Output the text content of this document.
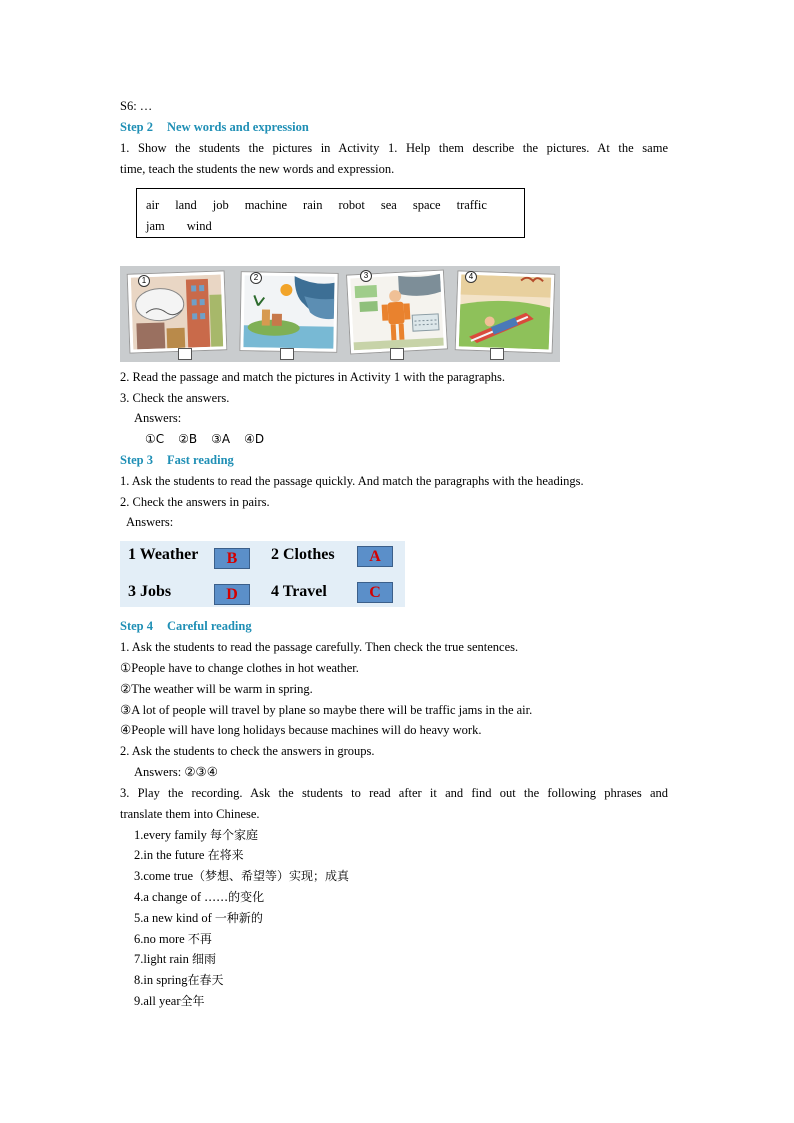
S6: …
Step 2 New words and expression
1. Show the students the pictures in Activity 1. Help them describe the pictures. At the same
time, teach the students the new words and expression.
air land job machine rain robot sea space traffic
jam wind
1	2	3	4
2. Read the passage and match the pictures in Activity 1 with the paragraphs.
3. Check the answers.
Answers:
①C ②B ③A ④D
Step 3 Fast reading
1. Ask the students to read the passage quickly. And match the paragraphs with the headings.
2. Check the answers in pairs.
Answers:
1 Weather	B	2 Clothes	A
3 Jobs	D	4 Travel	C
Step 4 Careful reading
1. Ask the students to read the passage carefully. Then check the true sentences.
①People have to change clothes in hot weather.
②The weather will be warm in spring.
③A lot of people will travel by plane so maybe there will be traffic jams in the air.
④People will have long holidays because machines will do heavy work.
2. Ask the students to check the answers in groups.
Answers: ②③④
3. Play the recording. Ask the students to read after it and find out the following phrases and
translate them into Chinese.
1.every family 每个家庭
2.in the future 在将来
3.come true（梦想、希望等）实现；成真
4.a change of ……的变化
5.a new kind of 一种新的
6.no more 不再
7.light rain 细雨
8.in spring在春天
9.all year全年
